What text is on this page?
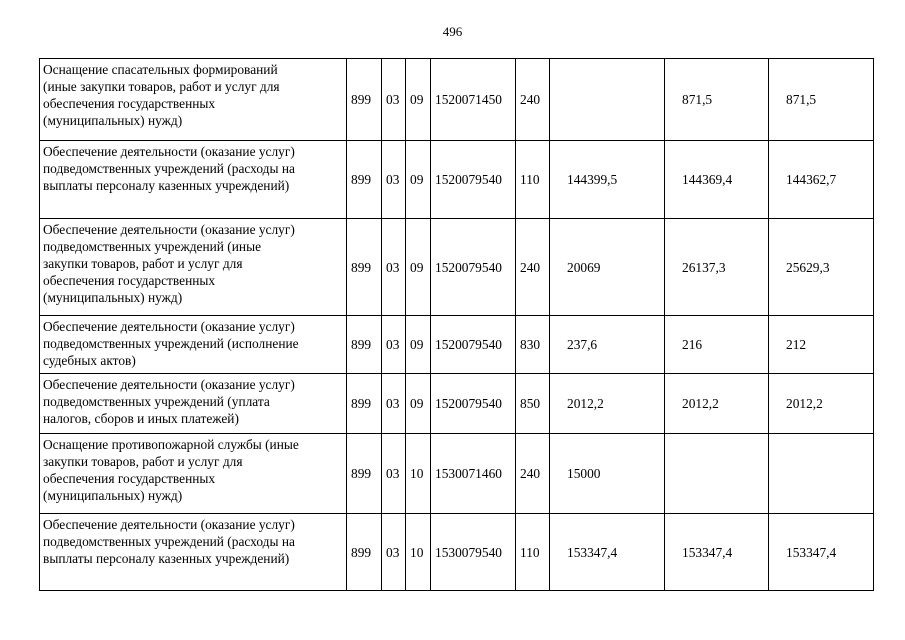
496
Оснащение спасательных формирований
(иные закупки товаров, работ и услуг для
обеспечения государственных
(муниципальных) нужд)	899	03	09	1520071450	240		871,5	871,5

Обеспечение деятельности (оказание услуг)
подведомственных учреждений (расходы на
выплаты персоналу казенных учреждений)	899	03	09	1520079540	110	144399,5	144369,4	144362,7

Обеспечение деятельности (оказание услуг)
подведомственных учреждений (иные
закупки товаров, работ и услуг для
обеспечения государственных
(муниципальных) нужд)	899	03	09	1520079540	240	20069	26137,3	25629,3

Обеспечение деятельности (оказание услуг)
подведомственных учреждений (исполнение
судебных актов)	899	03	09	1520079540	830	237,6	216	212

Обеспечение деятельности (оказание услуг)
подведомственных учреждений (уплата
налогов, сборов и иных платежей)	899	03	09	1520079540	850	2012,2	2012,2	2012,2

Оснащение противопожарной службы (иные
закупки товаров, работ и услуг для
обеспечения государственных
(муниципальных) нужд)	899	03	10	1530071460	240	15000		

Обеспечение деятельности (оказание услуг)
подведомственных учреждений (расходы на
выплаты персоналу казенных учреждений)	899	03	10	1530079540	110	153347,4	153347,4	153347,4
